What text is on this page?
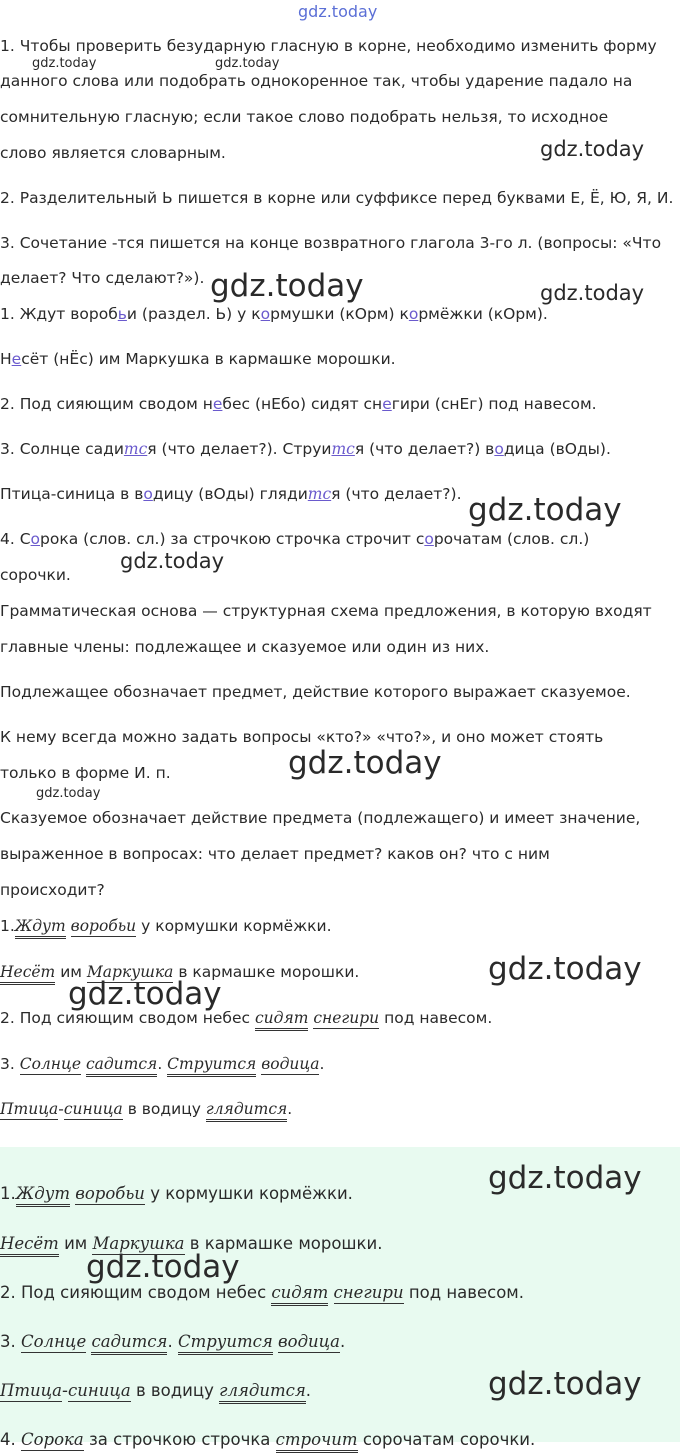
gdz.today
gdz.today	gdz.today
gdz.today
gdz.today	gdz.today
gdz.today
gdz.today
gdz.today
gdz.today
gdz.today
gdz.today
1. Чтобы проверить безударную гласную в корне, необходимо изменить форму
данного слова или подобрать однокоренное так, чтобы ударение падало на
сомнительную гласную; если такое слово подобрать нельзя, то исходное
слово является словарным.
2. Разделительный Ь пишется в корне или суффиксе перед буквами Е, Ё, Ю, Я, И.
3. Сочетание -тся пишется на конце возвратного глагола 3-го л. (вопросы: «Что
делает? Что сделают?»).
1. Ждут воробьи (раздел. Ь) у кормушки (кОрм) кормёжки (кОрм).
Несёт (нЁс) им Маркушка в кармашке морошки.
2. Под сияющим сводом небес (нЕбо) сидят снегири (снЕг) под навесом.
3. Солнце садится (что делает?). Струится (что делает?) водица (вОды).
Птица-синица в водицу (вОды) глядится (что делает?).
4. Сорока (слов. сл.) за строчкою строчка строчит сорочатам (слов. сл.)
сорочки.
Грамматическая основа — структурная схема предложения, в которую входят
главные члены: подлежащее и сказуемое или один из них.
Подлежащее обозначает предмет, действие которого выражает сказуемое.
К нему всегда можно задать вопросы «кто?» «что?», и оно может стоять
только в форме И. п.
Сказуемое обозначает действие предмета (подлежащего) и имеет значение,
выраженное в вопросах: что делает предмет? каков он? что с ним
происходит?
1.Ждут воробьи у кормушки кормёжки.
Несёт им Маркушка в кармашке морошки.
2. Под сияющим сводом небес сидят снегири под навесом.
3. Солнце садится. Струится водица.
Птица-синица в водицу глядится.
gdz.today
gdz.today
gdz.today
1.Ждут воробьи у кормушки кормёжки.
Несёт им Маркушка в кармашке морошки.
2. Под сияющим сводом небес сидят снегири под навесом.
3. Солнце садится. Струится водица.
Птица-синица в водицу глядится.
4. Сорока за строчкою строчка строчит сорочатам сорочки.
